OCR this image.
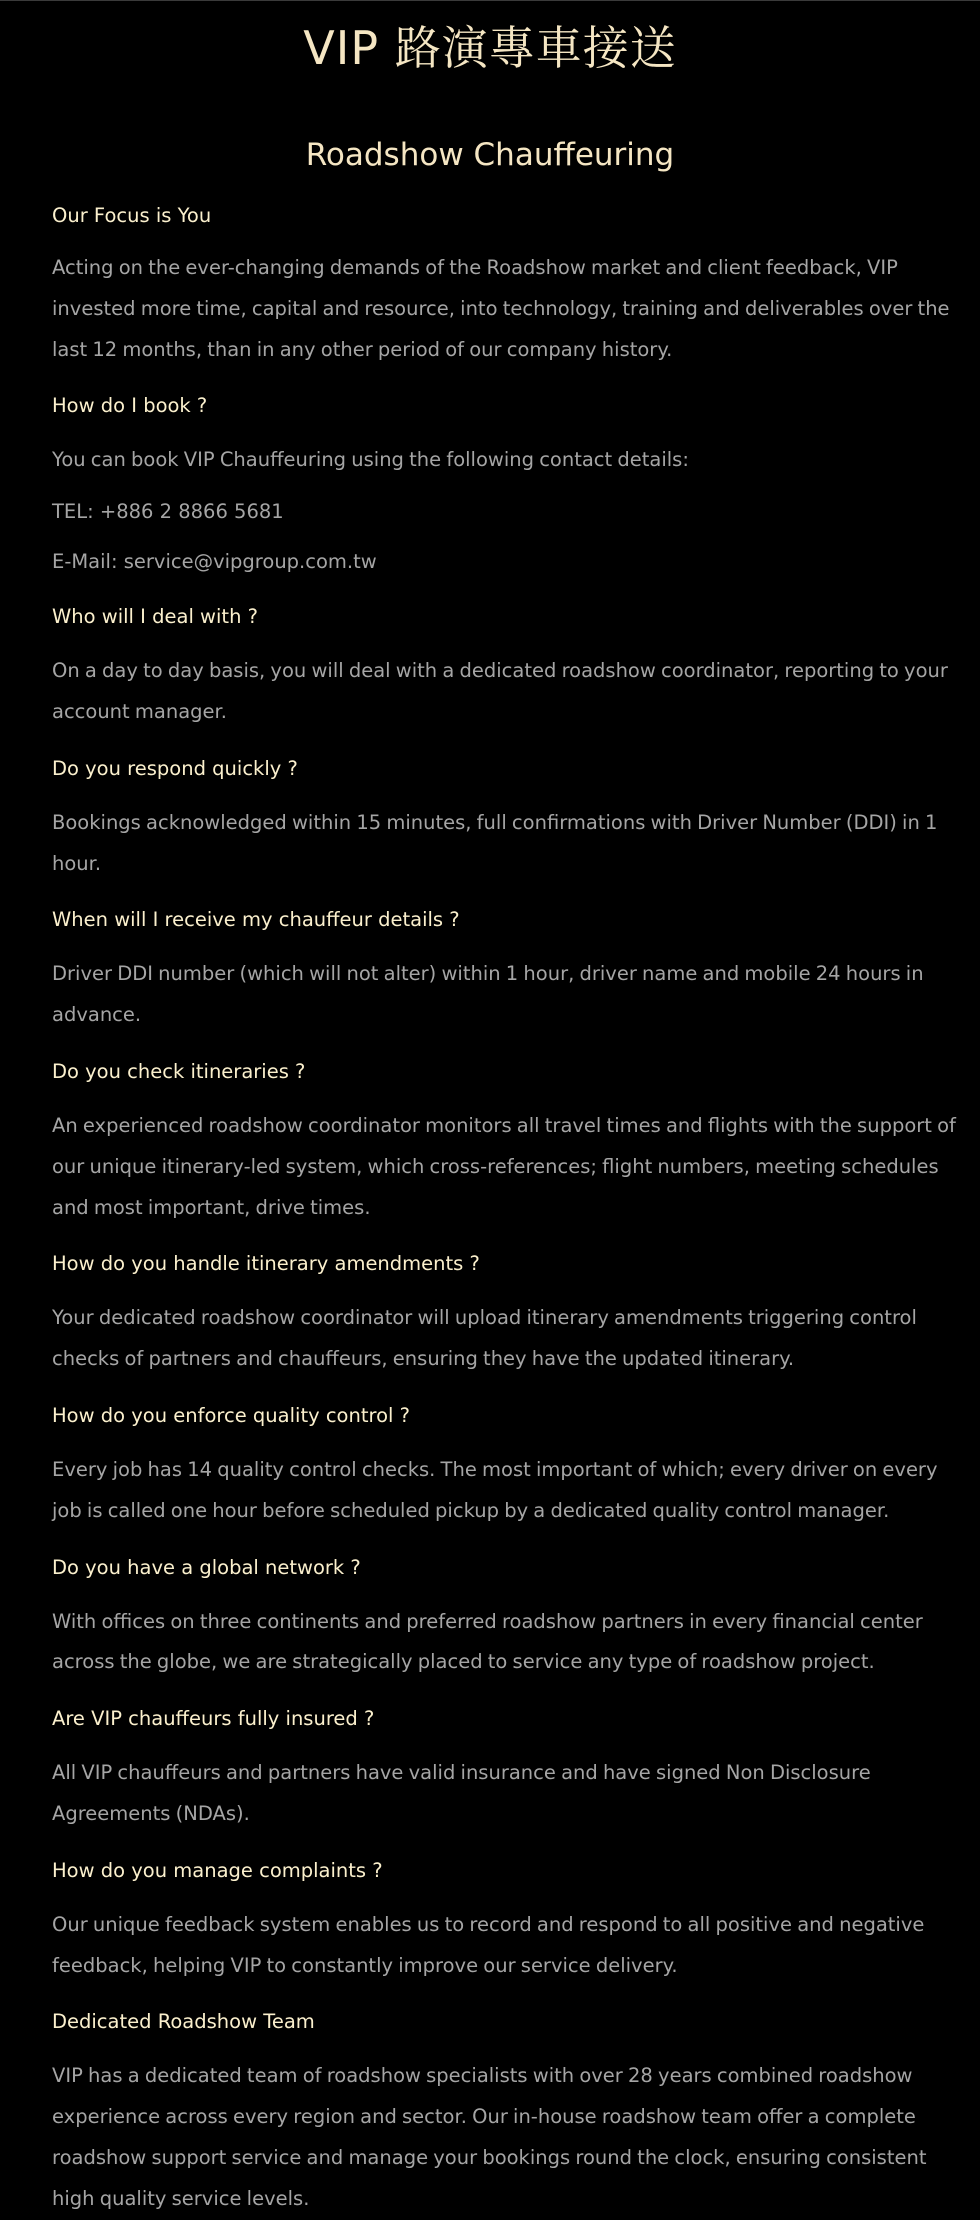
VIP 路演專車接送
Roadshow Chauffeuring

Our Focus is You

Acting on the ever-changing demands of the Roadshow market and client feedback, VIP invested more time, capital and resource, into technology, training and deliverables over the last 12 months, than in any other period of our company history.

How do I book ?

You can book VIP Chauffeuring using the following contact details:

TEL: +886 2 8866 5681

E-Mail: service@vipgroup.com.tw

Who will I deal with ?

On a day to day basis, you will deal with a dedicated roadshow coordinator, reporting to your account manager.

Do you respond quickly ?

Bookings acknowledged within 15 minutes, full confirmations with Driver Number (DDI) in 1 hour.

When will I receive my chauffeur details ?

Driver DDI number (which will not alter) within 1 hour, driver name and mobile 24 hours in advance.

Do you check itineraries ?

An experienced roadshow coordinator monitors all travel times and flights with the support of our unique itinerary-led system, which cross-references; flight numbers, meeting schedules and most important, drive times.

How do you handle itinerary amendments ?

Your dedicated roadshow coordinator will upload itinerary amendments triggering control checks of partners and chauffeurs, ensuring they have the updated itinerary.

How do you enforce quality control ?

Every job has 14 quality control checks. The most important of which; every driver on every job is called one hour before scheduled pickup by a dedicated quality control manager.

Do you have a global network ?

With offices on three continents and preferred roadshow partners in every financial center across the globe, we are strategically placed to service any type of roadshow project.

Are VIP chauffeurs fully insured ?

All VIP chauffeurs and partners have valid insurance and have signed Non Disclosure Agreements (NDAs).

How do you manage complaints ?

Our unique feedback system enables us to record and respond to all positive and negative feedback, helping VIP to constantly improve our service delivery.

Dedicated Roadshow Team

VIP has a dedicated team of roadshow specialists with over 28 years combined roadshow experience across every region and sector. Our in-house roadshow team offer a complete roadshow support service and manage your bookings round the clock, ensuring consistent high quality service levels.
